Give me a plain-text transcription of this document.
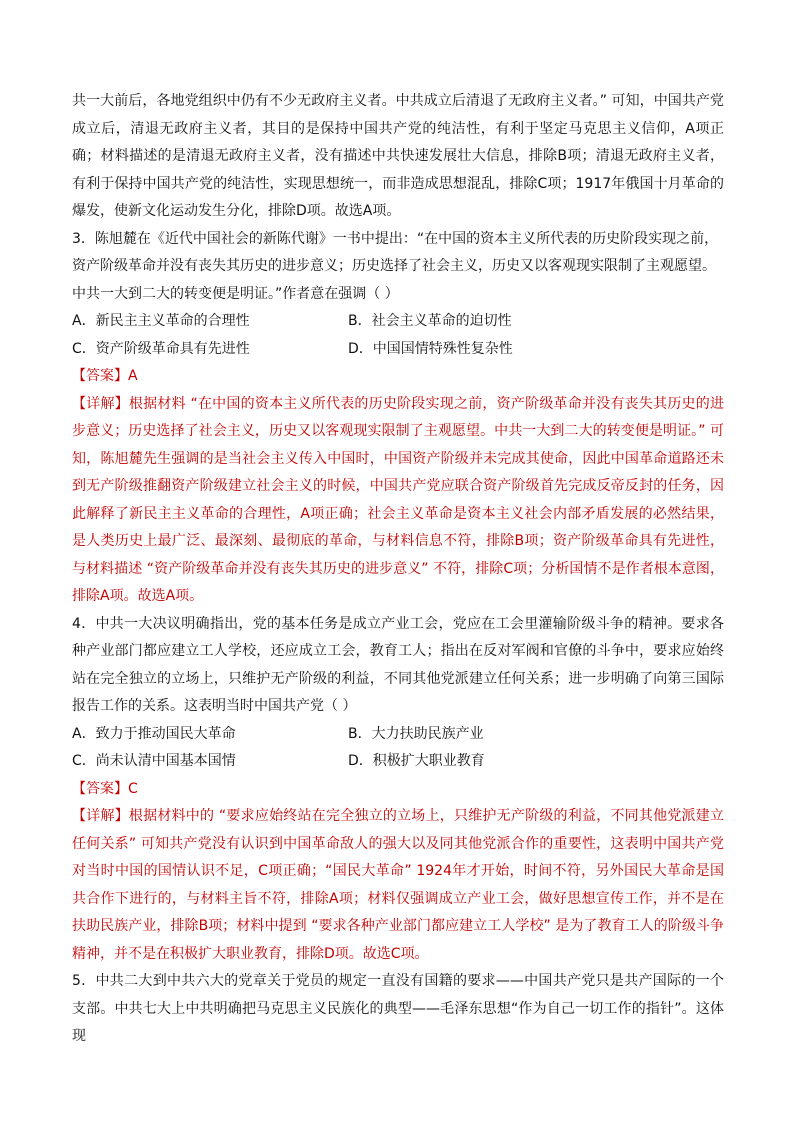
共一大前后，各地党组织中仍有不少无政府主义者。中共成立后清退了无政府主义者。” 可知，中国共产党成立后，清退无政府主义者，其目的是保持中国共产党的纯洁性，有利于坚定马克思主义信仰，A项正确；材料描述的是清退无政府主义者，没有描述中共快速发展壮大信息，排除B项；清退无政府主义者，有利于保持中国共产党的纯洁性，实现思想统一，而非造成思想混乱，排除C项；1917年俄国十月革命的爆发，使新文化运动发生分化，排除D项。故选A项。

3．陈旭麓在《近代中国社会的新陈代谢》一书中提出：“在中国的资本主义所代表的历史阶段实现之前，资产阶级革命并没有丧失其历史的进步意义；历史选择了社会主义，历史又以客观现实限制了主观愿望。中共一大到二大的转变便是明证。”作者意在强调（ ）

A．新民主主义革命的合理性	B．社会主义革命的迫切性

C．资产阶级革命具有先进性	D．中国国情特殊性复杂性

【答案】A

【详解】根据材料 “在中国的资本主义所代表的历史阶段实现之前，资产阶级革命并没有丧失其历史的进步意义；历史选择了社会主义，历史又以客观现实限制了主观愿望。中共一大到二大的转变便是明证。” 可知，陈旭麓先生强调的是当社会主义传入中国时，中国资产阶级并未完成其使命，因此中国革命道路还未到无产阶级推翻资产阶级建立社会主义的时候，中国共产党应联合资产阶级首先完成反帝反封的任务，因此解释了新民主主义革命的合理性，A项正确；社会主义革命是资本主义社会内部矛盾发展的必然结果，是人类历史上最广泛、最深刻、最彻底的革命，与材料信息不符，排除B项；资产阶级革命具有先进性，与材料描述 “资产阶级革命并没有丧失其历史的进步意义” 不符，排除C项；分析国情不是作者根本意图，排除A项。故选A项。

4．中共一大决议明确指出，党的基本任务是成立产业工会，党应在工会里灌输阶级斗争的精神。要求各种产业部门都应建立工人学校，还应成立工会，教育工人；指出在反对军阀和官僚的斗争中，要求应始终站在完全独立的立场上，只维护无产阶级的利益，不同其他党派建立任何关系；进一步明确了向第三国际报告工作的关系。这表明当时中国共产党（ ）

A．致力于推动国民大革命	B．大力扶助民族产业

C．尚未认清中国基本国情	D．积极扩大职业教育

【答案】C

【详解】根据材料中的 “要求应始终站在完全独立的立场上，只维护无产阶级的利益，不同其他党派建立任何关系” 可知共产党没有认识到中国革命敌人的强大以及同其他党派合作的重要性，这表明中国共产党对当时中国的国情认识不足，C项正确；“国民大革命” 1924年才开始，时间不符，另外国民大革命是国共合作下进行的，与材料主旨不符，排除A项；材料仅强调成立产业工会，做好思想宣传工作，并不是在扶助民族产业，排除B项；材料中提到 “要求各种产业部门都应建立工人学校” 是为了教育工人的阶级斗争精神，并不是在积极扩大职业教育，排除D项。故选C项。

5．中共二大到中共六大的党章关于党员的规定一直没有国籍的要求——中国共产党只是共产国际的一个支部。中共七大上中共明确把马克思主义民族化的典型——毛泽东思想“作为自己一切工作的指针”。这体现
